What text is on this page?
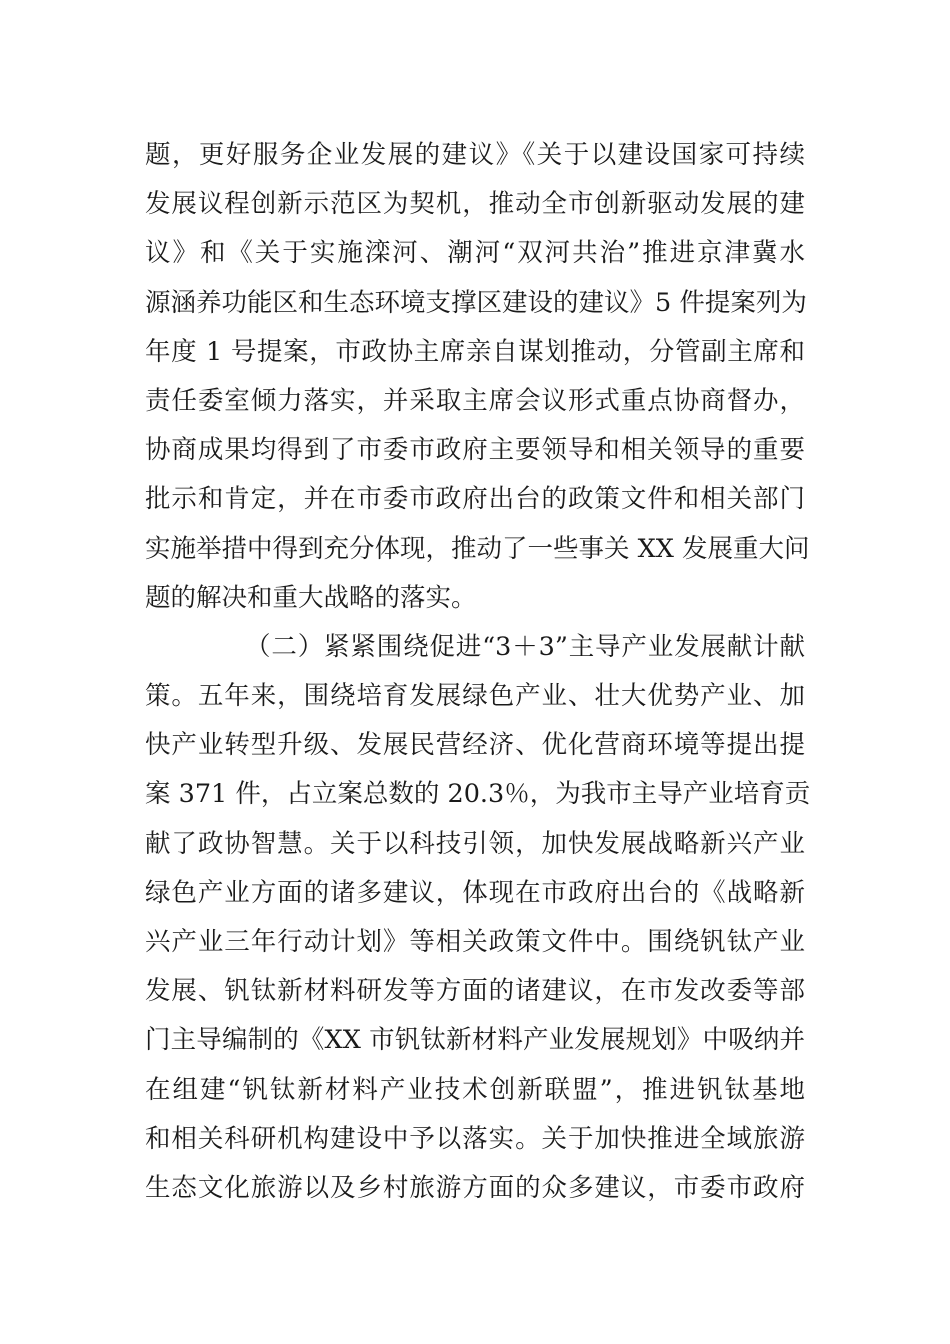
题，更好服务企业发展的建议》《关于以建设国家可持续
发展议程创新示范区为契机，推动全市创新驱动发展的建
议》和《关于实施滦河、潮河“双河共治”推进京津冀水
源涵养功能区和生态环境支撑区建设的建议》5 件提案列为
年度 1 号提案，市政协主席亲自谋划推动，分管副主席和
责任委室倾力落实，并采取主席会议形式重点协商督办，
协商成果均得到了市委市政府主要领导和相关领导的重要
批示和肯定，并在市委市政府出台的政策文件和相关部门
实施举措中得到充分体现，推动了一些事关 XX 发展重大问
题的解决和重大战略的落实。
（二）紧紧围绕促进“3＋3”主导产业发展献计献
策。五年来，围绕培育发展绿色产业、壮大优势产业、加
快产业转型升级、发展民营经济、优化营商环境等提出提
案 371 件，占立案总数的 20.3％，为我市主导产业培育贡
献了政协智慧。关于以科技引领，加快发展战略新兴产业
绿色产业方面的诸多建议，体现在市政府出台的《战略新
兴产业三年行动计划》等相关政策文件中。围绕钒钛产业
发展、钒钛新材料研发等方面的诸建议，在市发改委等部
门主导编制的《XX 市钒钛新材料产业发展规划》中吸纳并
在组建“钒钛新材料产业技术创新联盟”，推进钒钛基地
和相关科研机构建设中予以落实。关于加快推进全域旅游
生态文化旅游以及乡村旅游方面的众多建议，市委市政府
